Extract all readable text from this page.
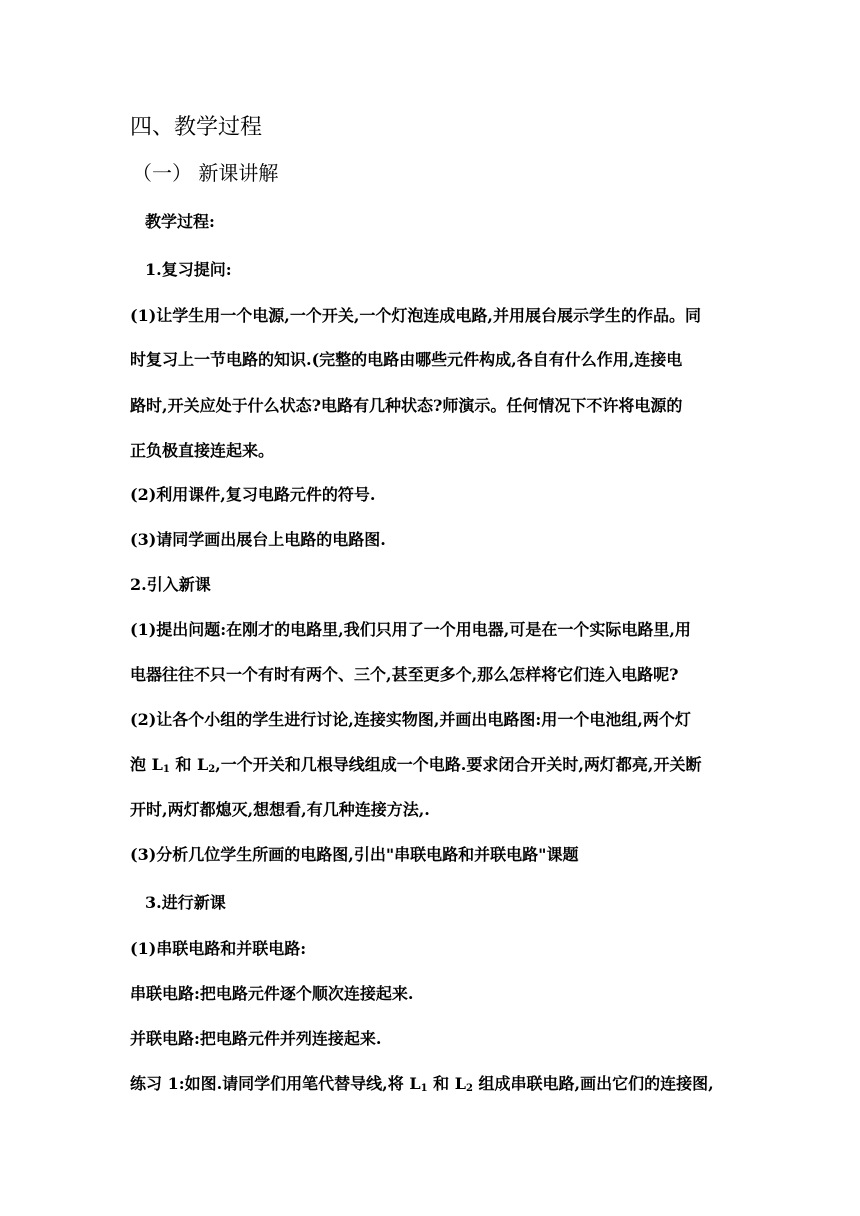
四、教学过程
（一） 新课讲解
教学过程:
1.复习提问:
(1)让学生用一个电源,一个开关,一个灯泡连成电路,并用展台展示学生的作品。同
时复习上一节电路的知识.(完整的电路由哪些元件构成,各自有什么作用,连接电
路时,开关应处于什么状态?电路有几种状态?师演示。任何情况下不许将电源的
正负极直接连起来。
(2)利用课件,复习电路元件的符号.
(3)请同学画出展台上电路的电路图.
2.引入新课
(1)提出问题:在刚才的电路里,我们只用了一个用电器,可是在一个实际电路里,用
电器往往不只一个有时有两个、三个,甚至更多个,那么怎样将它们连入电路呢?
(2)让各个小组的学生进行讨论,连接实物图,并画出电路图:用一个电池组,两个灯
泡 $L_1$ 和 $L_2$,一个开关和几根导线组成一个电路.要求闭合开关时,两灯都亮,开关断
开时,两灯都熄灭,想想看,有几种连接方法,.
(3)分析几位学生所画的电路图,引出"串联电路和并联电路"课题
3.进行新课
(1)串联电路和并联电路:
串联电路:把电路元件逐个顺次连接起来.
并联电路:把电路元件并列连接起来.
练习 1:如图.请同学们用笔代替导线,将 $L_1$ 和 $L_2$ 组成串联电路,画出它们的连接图,
